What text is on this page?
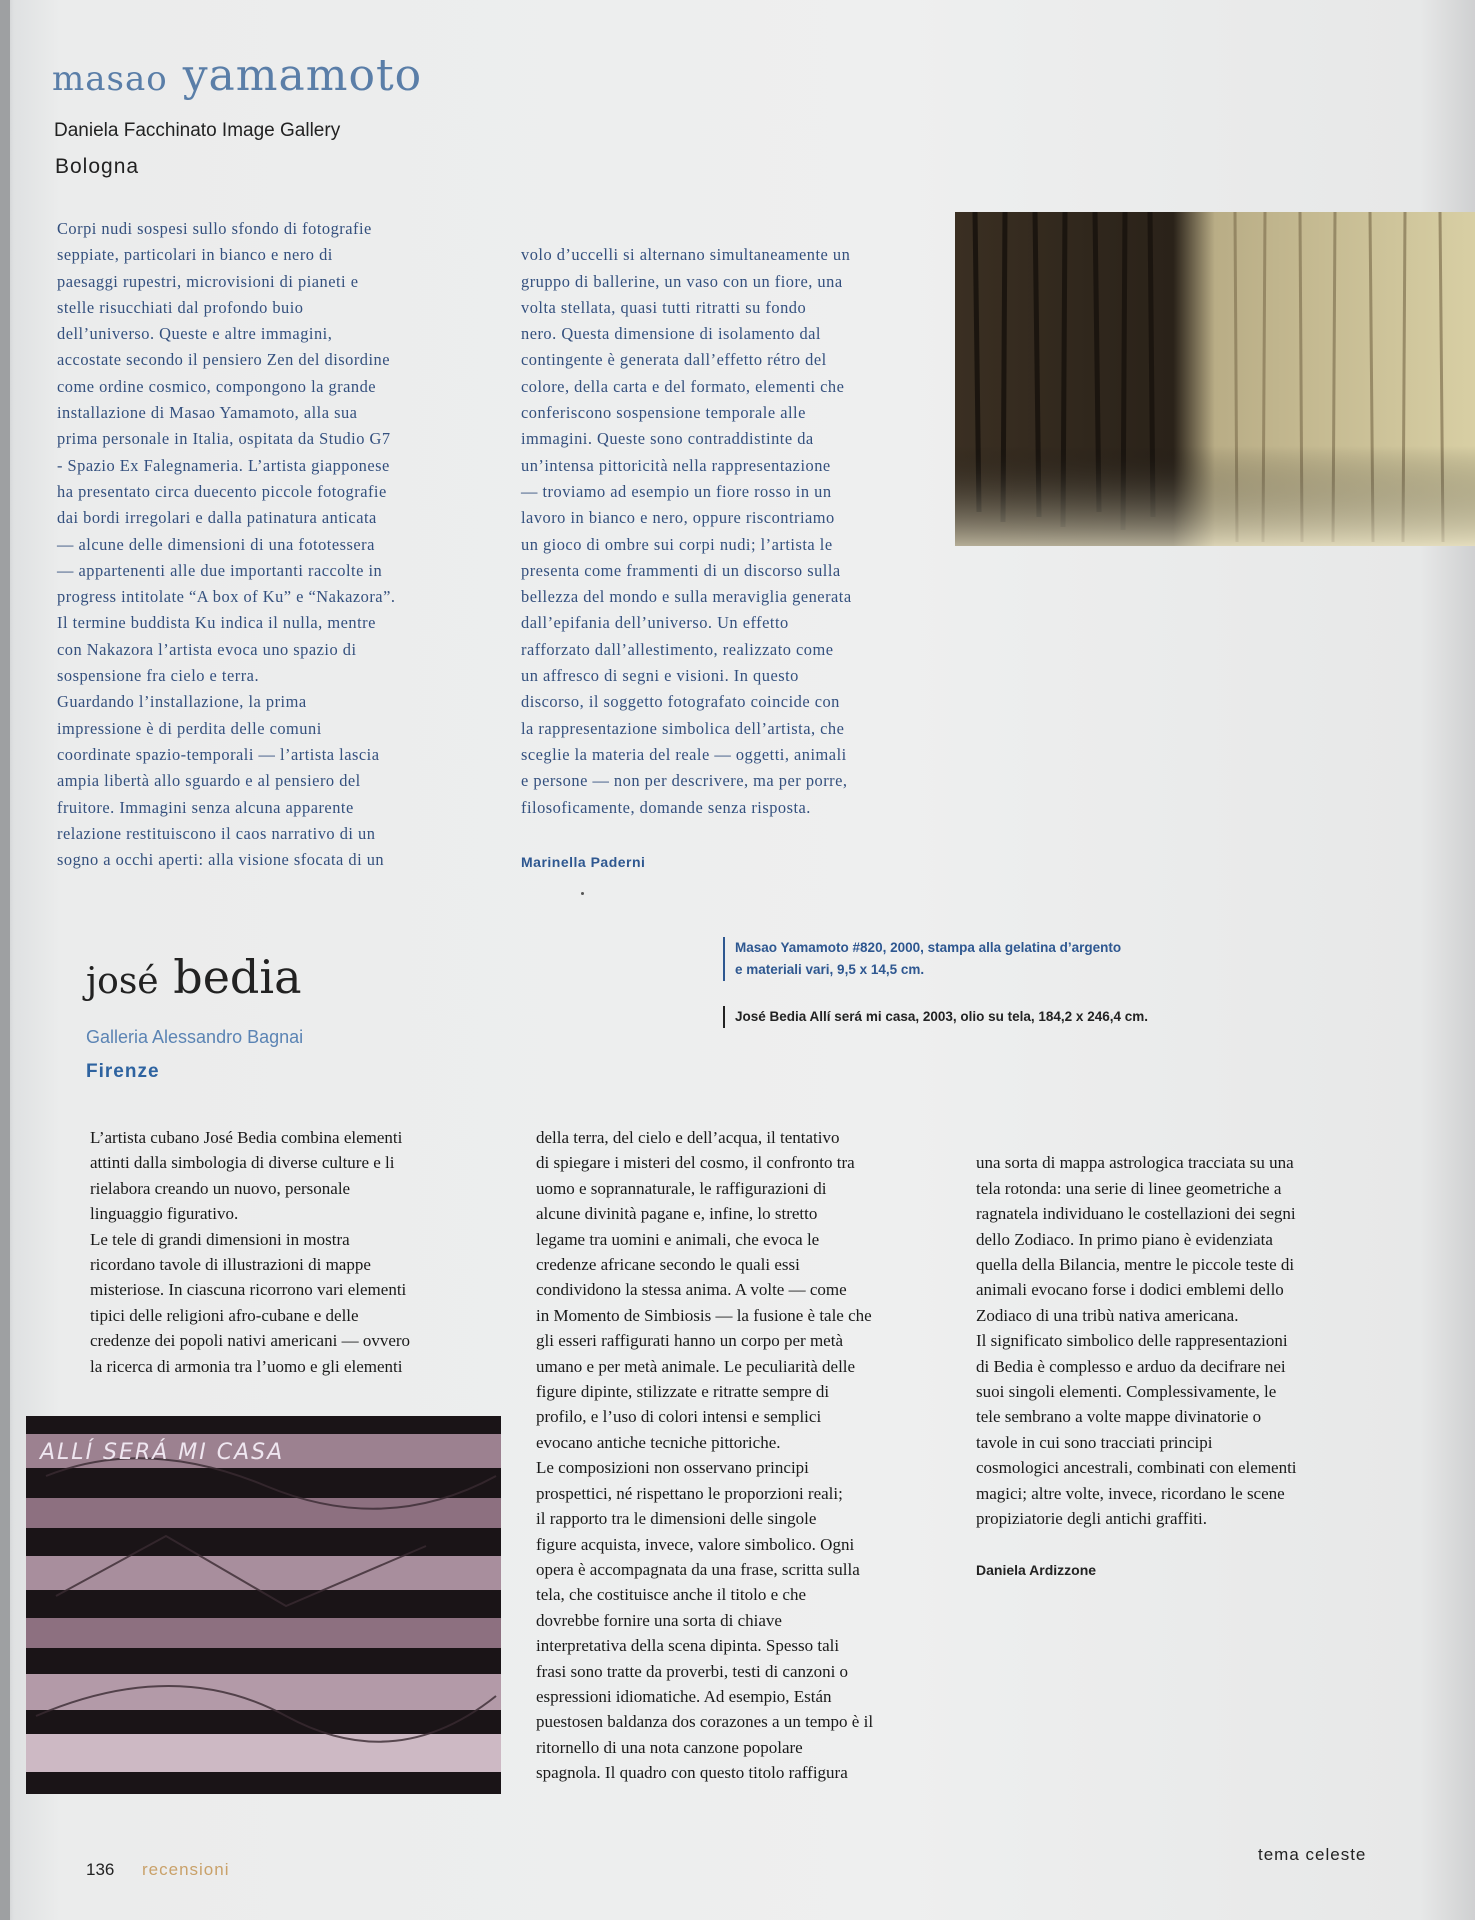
masao yamamoto
Daniela Facchinato Image Gallery
Bologna

Corpi nudi sospesi sullo sfondo di fotografie
seppiate, particolari in bianco e nero di
paesaggi rupestri, microvisioni di pianeti e
stelle risucchiati dal profondo buio
dell’universo. Queste e altre immagini,
accostate secondo il pensiero Zen del disordine
come ordine cosmico, compongono la grande
installazione di Masao Yamamoto, alla sua
prima personale in Italia, ospitata da Studio G7
- Spazio Ex Falegnameria. L’artista giapponese
ha presentato circa duecento piccole fotografie
dai bordi irregolari e dalla patinatura anticata
— alcune delle dimensioni di una fototessera
— appartenenti alle due importanti raccolte in
progress intitolate “A box of Ku” e “Nakazora”.
Il termine buddista Ku indica il nulla, mentre
con Nakazora l’artista evoca uno spazio di
sospensione fra cielo e terra.
Guardando l’installazione, la prima
impressione è di perdita delle comuni
coordinate spazio-temporali — l’artista lascia
ampia libertà allo sguardo e al pensiero del
fruitore. Immagini senza alcuna apparente
relazione restituiscono il caos narrativo di un
sogno a occhi aperti: alla visione sfocata di un

volo d’uccelli si alternano simultaneamente un
gruppo di ballerine, un vaso con un fiore, una
volta stellata, quasi tutti ritratti su fondo
nero. Questa dimensione di isolamento dal
contingente è generata dall’effetto rétro del
colore, della carta e del formato, elementi che
conferiscono sospensione temporale alle
immagini. Queste sono contraddistinte da
un’intensa pittoricità nella rappresentazione
— troviamo ad esempio un fiore rosso in un
lavoro in bianco e nero, oppure riscontriamo
un gioco di ombre sui corpi nudi; l’artista le
presenta come frammenti di un discorso sulla
bellezza del mondo e sulla meraviglia generata
dall’epifania dell’universo. Un effetto
rafforzato dall’allestimento, realizzato come
un affresco di segni e visioni. In questo
discorso, il soggetto fotografato coincide con
la rappresentazione simbolica dell’artista, che
sceglie la materia del reale — oggetti, animali
e persone — non per descrivere, ma per porre,
filosoficamente, domande senza risposta.

Marinella Paderni

Masao Yamamoto #820, 2000, stampa alla gelatina d’argento
e materiali vari, 9,5 x 14,5 cm.
josé bedia
Galleria Alessandro Bagnai
Firenze
José Bedia Allí será mi casa, 2003, olio su tela, 184,2 x 246,4 cm.

L’artista cubano José Bedia combina elementi
attinti dalla simbologia di diverse culture e li
rielabora creando un nuovo, personale
linguaggio figurativo.
Le tele di grandi dimensioni in mostra
ricordano tavole di illustrazioni di mappe
misteriose. In ciascuna ricorrono vari elementi
tipici delle religioni afro-cubane e delle
credenze dei popoli nativi americani — ovvero
la ricerca di armonia tra l’uomo e gli elementi

della terra, del cielo e dell’acqua, il tentativo
di spiegare i misteri del cosmo, il confronto tra
uomo e soprannaturale, le raffigurazioni di
alcune divinità pagane e, infine, lo stretto
legame tra uomini e animali, che evoca le
credenze africane secondo le quali essi
condividono la stessa anima. A volte — come
in Momento de Simbiosis — la fusione è tale che
gli esseri raffigurati hanno un corpo per metà
umano e per metà animale. Le peculiarità delle
figure dipinte, stilizzate e ritratte sempre di
profilo, e l’uso di colori intensi e semplici
evocano antiche tecniche pittoriche.
Le composizioni non osservano principi
prospettici, né rispettano le proporzioni reali;
il rapporto tra le dimensioni delle singole
figure acquista, invece, valore simbolico. Ogni
opera è accompagnata da una frase, scritta sulla
tela, che costituisce anche il titolo e che
dovrebbe fornire una sorta di chiave
interpretativa della scena dipinta. Spesso tali
frasi sono tratte da proverbi, testi di canzoni o
espressioni idiomatiche. Ad esempio, Están
puestosen baldanza dos corazones a un tempo è il
ritornello di una nota canzone popolare
spagnola. Il quadro con questo titolo raffigura

una sorta di mappa astrologica tracciata su una
tela rotonda: una serie di linee geometriche a
ragnatela individuano le costellazioni dei segni
dello Zodiaco. In primo piano è evidenziata
quella della Bilancia, mentre le piccole teste di
animali evocano forse i dodici emblemi dello
Zodiaco di una tribù nativa americana.
Il significato simbolico delle rappresentazioni
di Bedia è complesso e arduo da decifrare nei
suoi singoli elementi. Complessivamente, le
tele sembrano a volte mappe divinatorie o
tavole in cui sono tracciati principi
cosmologici ancestrali, combinati con elementi
magici; altre volte, invece, ricordano le scene
propiziatorie degli antichi graffiti.

Daniela Ardizzone

ALLÍ SERÁ MI CASA
136 recensioni
tema celeste
